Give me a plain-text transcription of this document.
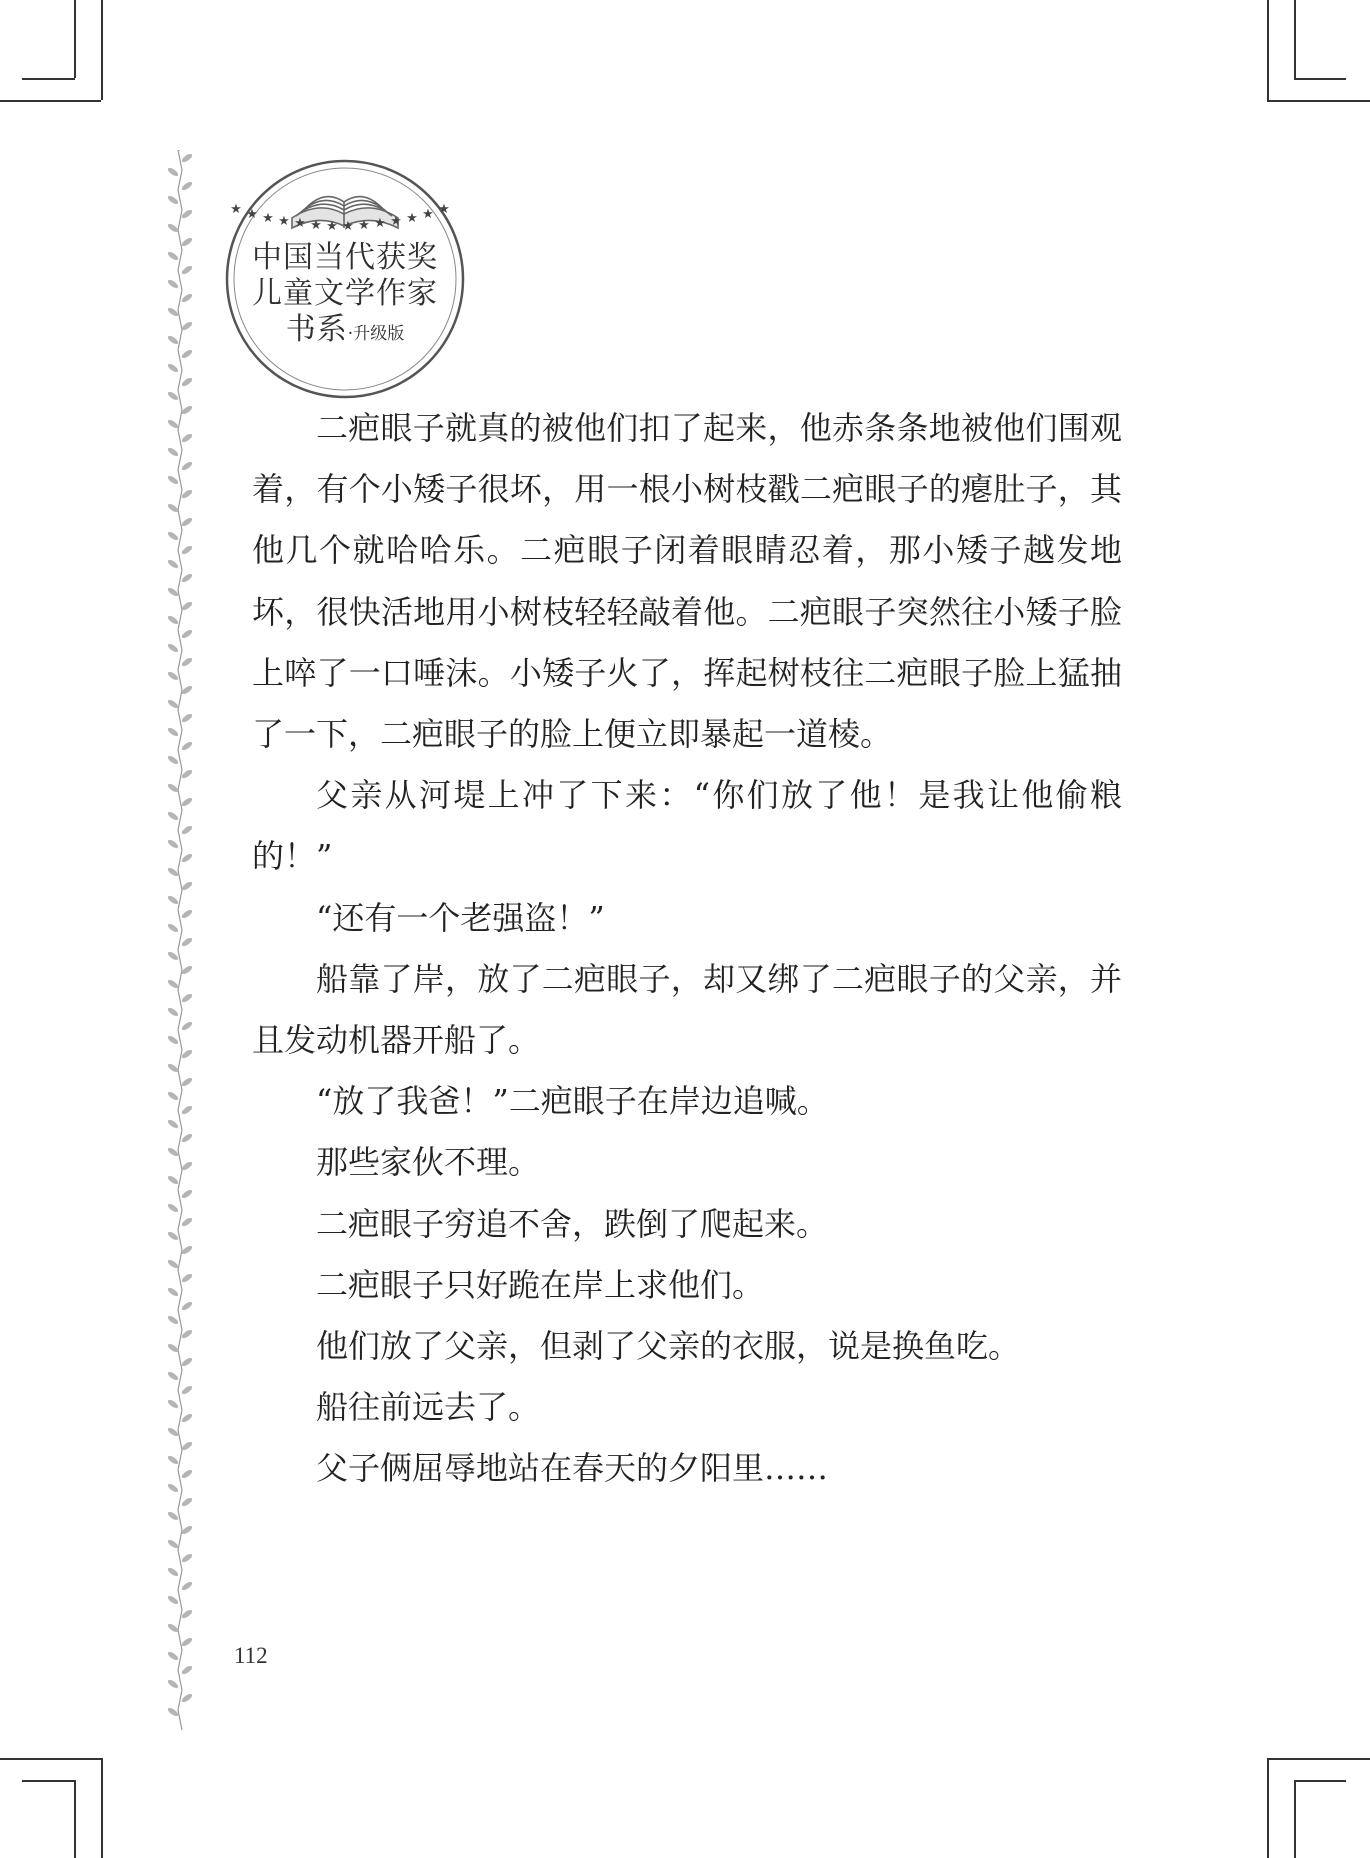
★ ★ ★ ★ ★ ★ ★ ★ ★ ★ ★ ★ ★ ★
中国当代获奖
儿童文学作家
书系·升级版

二疤眼子就真的被他们扣了起来，他赤条条地被他们围观着，有个小矮子很坏，用一根小树枝戳二疤眼子的瘪肚子，其他几个就哈哈乐。二疤眼子闭着眼睛忍着，那小矮子越发地坏，很快活地用小树枝轻轻敲着他。二疤眼子突然往小矮子脸上啐了一口唾沫。小矮子火了，挥起树枝往二疤眼子脸上猛抽了一下，二疤眼子的脸上便立即暴起一道棱。

父亲从河堤上冲了下来：“你们放了他！是我让他偷粮的！”

“还有一个老强盗！”

船靠了岸，放了二疤眼子，却又绑了二疤眼子的父亲，并且发动机器开船了。

“放了我爸！”二疤眼子在岸边追喊。

那些家伙不理。

二疤眼子穷追不舍，跌倒了爬起来。

二疤眼子只好跪在岸上求他们。

他们放了父亲，但剥了父亲的衣服，说是换鱼吃。

船往前远去了。

父子俩屈辱地站在春天的夕阳里……

112
